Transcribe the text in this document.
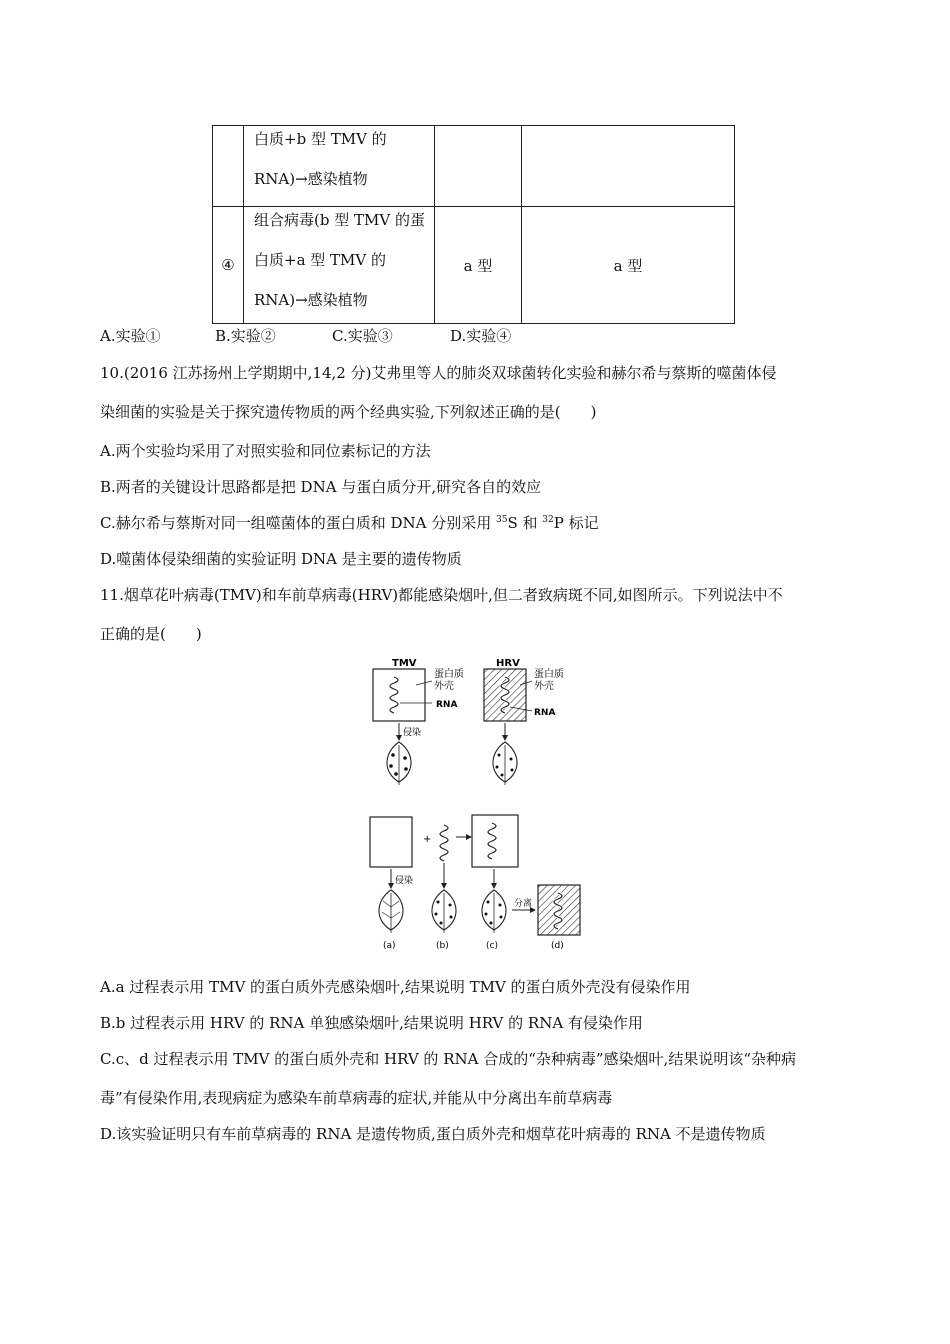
	白质+b 型 TMV 的
RNA)→感染植物		

④	组合病毒(b 型 TMV 的蛋
白质+a 型 TMV 的
RNA)→感染植物	a 型	a 型
A.实验①	B.实验②	C.实验③	D.实验④
10.(2016 江苏扬州上学期期中,14,2 分)艾弗里等人的肺炎双球菌转化实验和赫尔希与蔡斯的噬菌体侵
染细菌的实验是关于探究遗传物质的两个经典实验,下列叙述正确的是(　　)
A.两个实验均采用了对照实验和同位素标记的方法
B.两者的关键设计思路都是把 DNA 与蛋白质分开,研究各自的效应
C.赫尔希与蔡斯对同一组噬菌体的蛋白质和 DNA 分别采用 $^{35}$S 和 $^{32}$P 标记
D.噬菌体侵染细菌的实验证明 DNA 是主要的遗传物质
11.烟草花叶病毒(TMV)和车前草病毒(HRV)都能感染烟叶,但二者致病斑不同,如图所示。下列说法中不
正确的是(　　)
TMV	HRV
蛋白质
外壳
RNA
蛋白质
外壳
RNA
侵染
+
侵染
分离
(a)	(b)	(c)	(d)
A.a 过程表示用 TMV 的蛋白质外壳感染烟叶,结果说明 TMV 的蛋白质外壳没有侵染作用
B.b 过程表示用 HRV 的 RNA 单独感染烟叶,结果说明 HRV 的 RNA 有侵染作用
C.c、d 过程表示用 TMV 的蛋白质外壳和 HRV 的 RNA 合成的“杂种病毒”感染烟叶,结果说明该“杂种病
毒”有侵染作用,表现病症为感染车前草病毒的症状,并能从中分离出车前草病毒
D.该实验证明只有车前草病毒的 RNA 是遗传物质,蛋白质外壳和烟草花叶病毒的 RNA 不是遗传物质
